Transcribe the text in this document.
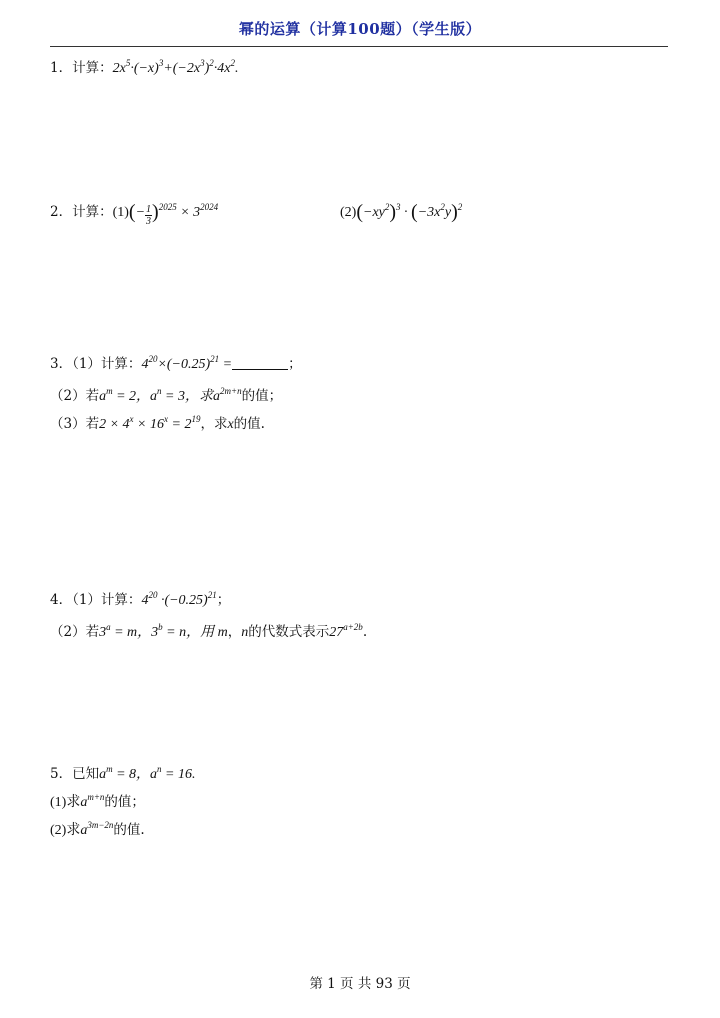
幂的运算（计算100题）（学生版）
1．计算：$2x^5\cdot(-x)^3+(-2x^3)^2\cdot 4x^2$.
2．计算：$(1)(- \frac{1}{3} )^{2025} \times 3^{2024}$	$(2)(-xy^2)^3 \cdot (-3x^2y)^2$
3．（1）计算：$4^{20}\times(-0.25)^{21}$ =	；
（2）若$a^m = 2$，$a^n = 3$，求$a^{2m+n}$的值；
（3）若$2 \times 4^x \times 16^x = 2^{19}$，求x的值.
4．（1）计算：$4^{20} \cdot(-0.25)^{21}$；
（2）若$3^a = m$，$3^b = n$，用 m，n的代数式表示$27^{a+2b}$.
5．已知$a^m = 8$，$a^n = 16$.
(1)求$a^{m+n}$的值；
(2)求$a^{3m-2n}$的值.
第 1 页 共 93 页
